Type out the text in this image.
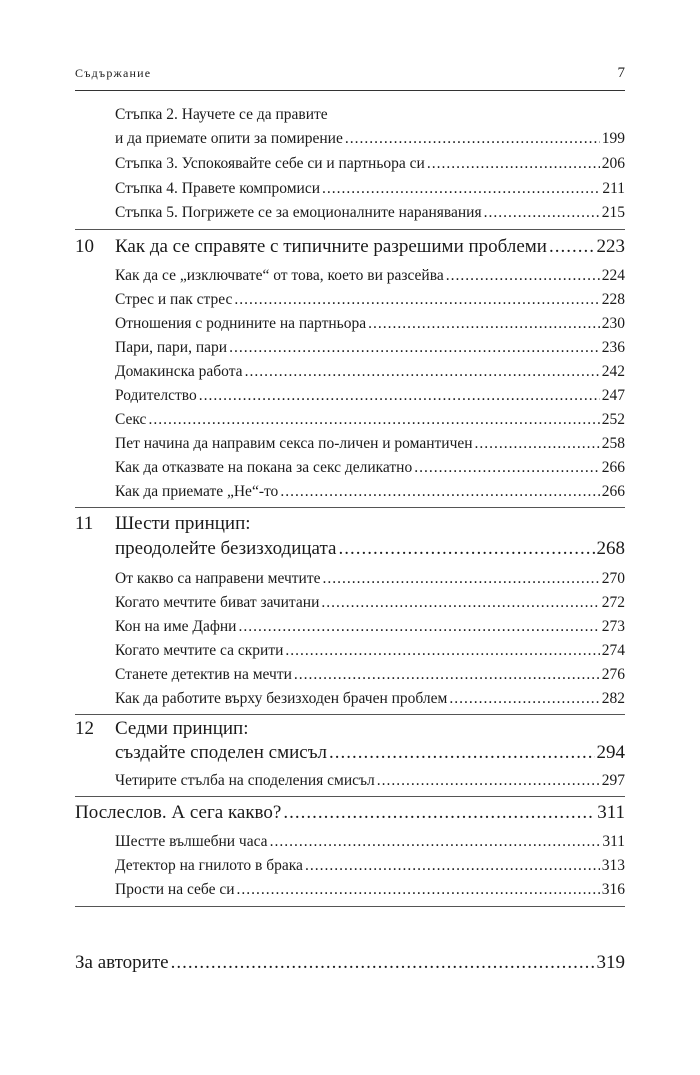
Съдържание	7
Стъпка 2. Научете се да правите
и да приемате опити за помирение .....	199
Стъпка 3. Успокоявайте себе си и партньора си .....	206
Стъпка 4. Правете компромиси .....	211
Стъпка 5. Погрижете се за емоционалните наранявания .....	215
10 Как да се справяте с типичните разрешими проблеми .....	223
Как да се „изключвате“ от това, което ви разсейва .....	224
Стрес и пак стрес .....	228
Отношения с роднините на партньора .....	230
Пари, пари, пари .....	236
Домакинска работа .....	242
Родителство .....	247
Секс .....	252
Пет начина да направим секса по-личен и романтичен .....	258
Как да отказвате на покана за секс деликатно .....	266
Как да приемате „Не“-то .....	266
11 Шести принцип:
преодолейте безизходицата .....	268
От какво са направени мечтите .....	270
Когато мечтите биват зачитани .....	272
Кон на име Дафни .....	273
Когато мечтите са скрити .....	274
Станете детектив на мечти .....	276
Как да работите върху безизходен брачен проблем .....	282
12 Седми принцип:
създайте споделен смисъл .....	294
Четирите стълба на споделения смисъл .....	297
Послеслов. А сега какво? .....	311
Шестте вълшебни часа .....	311
Детектор на гнилото в брака .....	313
Прости на себе си .....	316
За авторите .....	319
